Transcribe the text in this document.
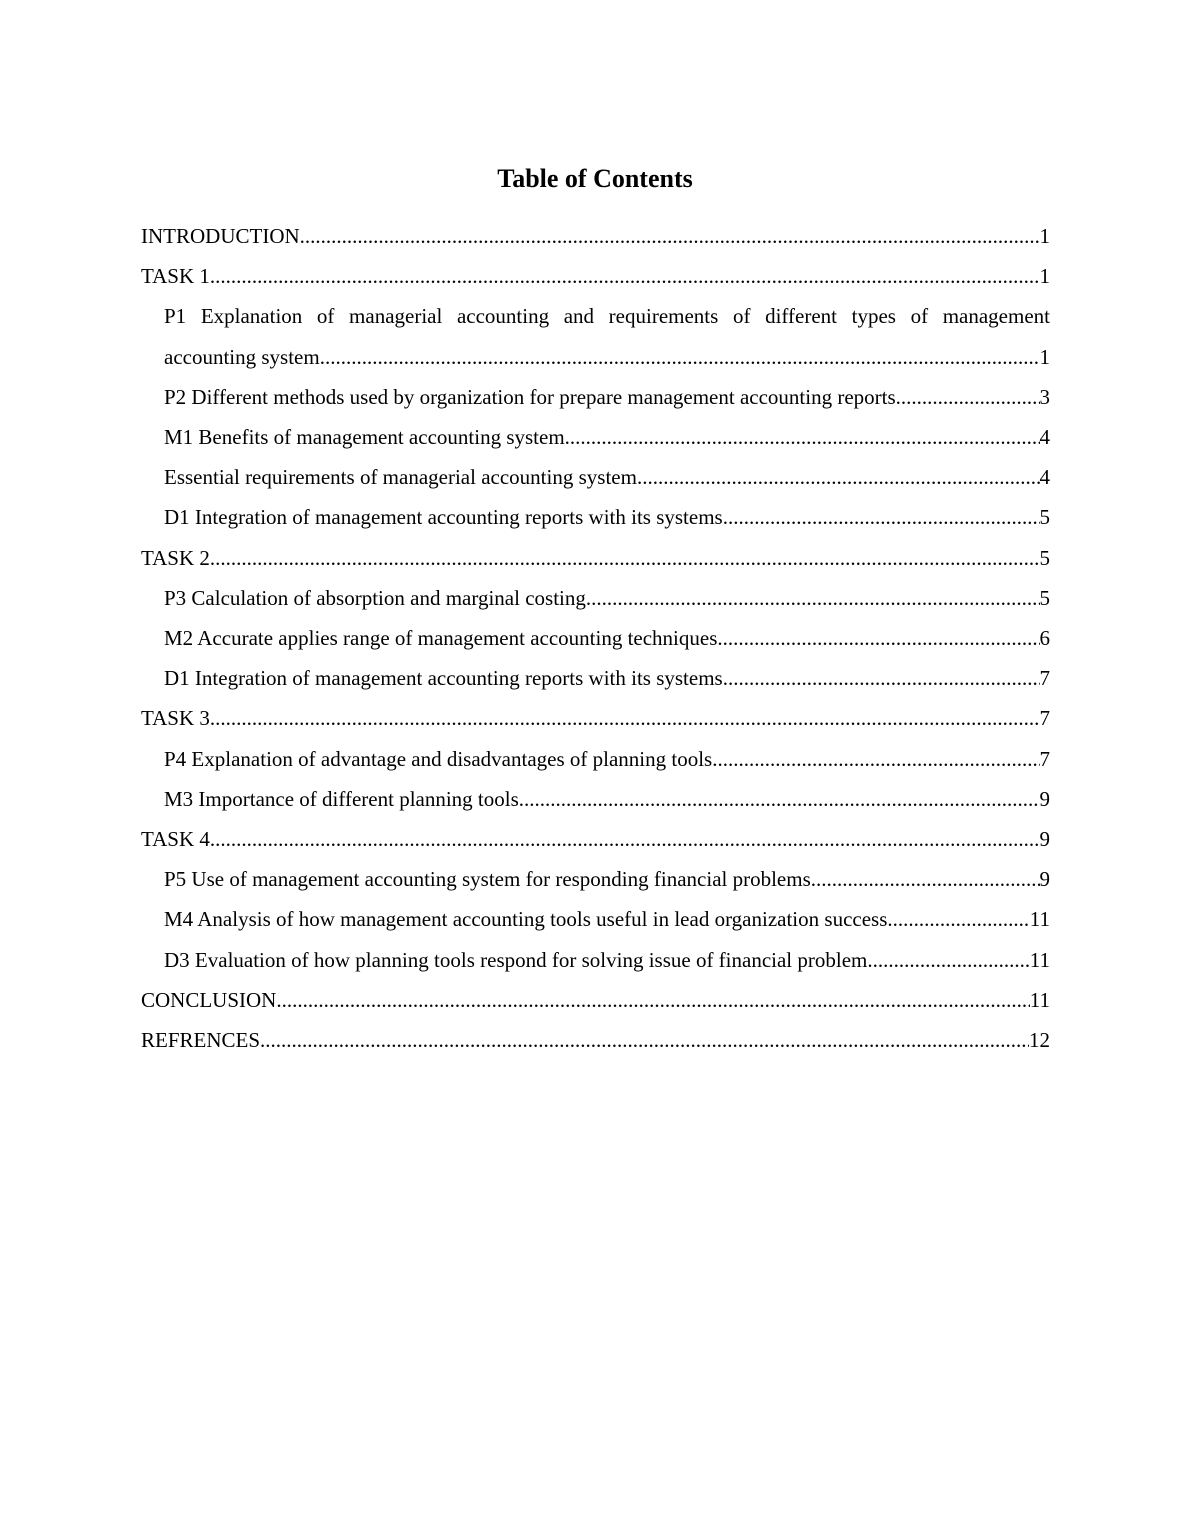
Table of Contents
INTRODUCTION .....	1
TASK 1 .....	1
P1 Explanation of managerial accounting and requirements of different types of management
accounting system. .....	1
P2 Different methods used by organization for prepare management accounting reports .....	3
M1 Benefits of management accounting system .....	4
Essential requirements of managerial accounting system .....	4
D1 Integration of management accounting reports with its systems .....	5
TASK 2 .....	5
P3 Calculation of absorption and marginal costing .....	5
M2 Accurate applies range of management accounting techniques .....	6
D1 Integration of management accounting reports with its systems .....	7
TASK 3 .....	7
P4 Explanation of advantage and disadvantages of planning tools .....	7
M3 Importance of different planning tools .....	9
TASK 4 .....	9
P5 Use of management accounting system for responding financial problems .....	9
M4 Analysis of how management accounting tools useful in lead organization success. .....	11
D3 Evaluation of how planning tools respond for solving issue of financial problem .....	11
CONCLUSION .....	11
REFRENCES .....	12
